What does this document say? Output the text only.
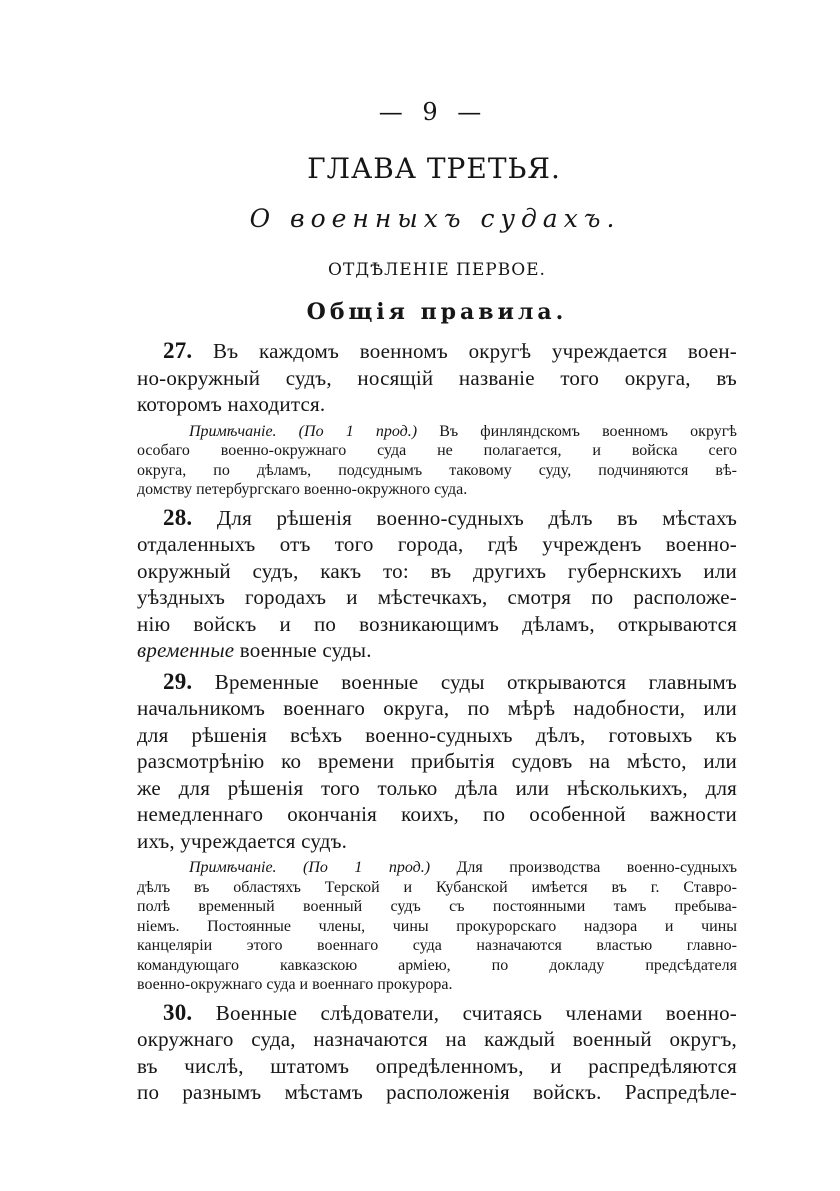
— 9 —
ГЛАВА ТРЕТЬЯ.
О военныхъ судахъ.
ОТДѢЛЕНІЕ ПЕРВОЕ.
Общія правила.
27. Въ каждомъ военномъ округѣ учреждается воен-
но-окружный судъ, носящій названіе того округа, въ
которомъ находится.
Примѣчаніе. (По 1 прод.) Въ финляндскомъ военномъ округѣ
особаго военно-окружнаго суда не полагается, и войска сего
округа, по дѣламъ, подсуднымъ таковому суду, подчиняются вѣ-
домству петербургскаго военно-окружного суда.
28. Для рѣшенія военно-судныхъ дѣлъ въ мѣстахъ
отдаленныхъ отъ того города, гдѣ учрежденъ военно-
окружный судъ, какъ то: въ другихъ губернскихъ или
уѣздныхъ городахъ и мѣстечкахъ, смотря по расположе-
нію войскъ и по возникающимъ дѣламъ, открываются
временные военные суды.
29. Временные военные суды открываются главнымъ
начальникомъ военнаго округа, по мѣрѣ надобности, или
для рѣшенія всѣхъ военно-судныхъ дѣлъ, готовыхъ къ
разсмотрѣнію ко времени прибытія судовъ на мѣсто, или
же для рѣшенія того только дѣла или нѣсколькихъ, для
немедленнаго окончанія коихъ, по особенной важности
ихъ, учреждается судъ.
Примѣчаніе. (По 1 прод.) Для производства военно-судныхъ
дѣлъ въ областяхъ Терской и Кубанской имѣется въ г. Ставро-
полѣ временный военный судъ съ постоянными тамъ пребыва-
ніемъ. Постоянные члены, чины прокурорскаго надзора и чины
канцеляріи этого военнаго суда назначаются властью главно-
командующаго кавказскою арміею, по докладу предсѣдателя
военно-окружнаго суда и военнаго прокурора.
30. Военные слѣдователи, считаясь членами военно-
окружнаго суда, назначаются на каждый военный округъ,
въ числѣ, штатомъ опредѣленномъ, и распредѣляются
по разнымъ мѣстамъ расположенія войскъ. Распредѣле-
